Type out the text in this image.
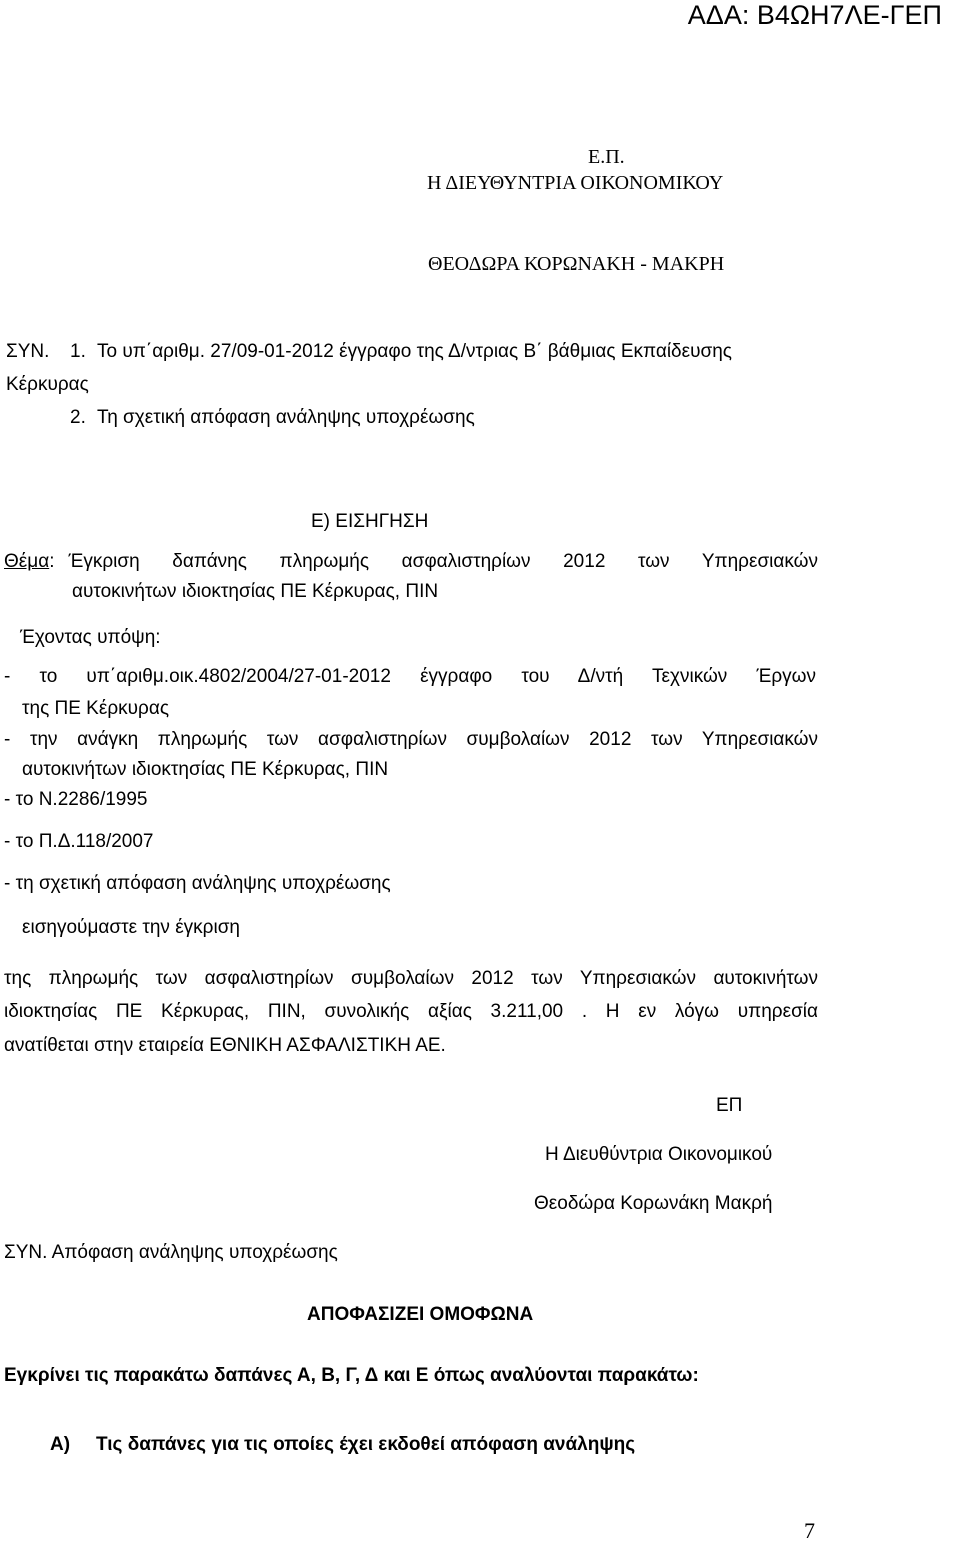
ΑΔΑ: Β4ΩΗ7ΛΕ-ΓΕΠ
Ε.Π.
Η ΔΙΕΥΘΥΝΤΡΙΑ ΟΙΚΟΝΟΜΙΚΟΥ
ΘΕΟΔΩΡΑ ΚΟΡΩΝΑΚΗ - ΜΑΚΡΗ
ΣΥΝ. 1. Το υπ΄αριθμ. 27/09-01-2012 έγγραφο της Δ/ντριας Β΄ βάθμιας Εκπαίδευσης
Κέρκυρας
2. Τη σχετική απόφαση ανάληψης υποχρέωσης
Ε) ΕΙΣΗΓΗΣΗ
Θέμα : Έγκριση δαπάνης πληρωμής ασφαλιστηρίων 2012 των Υπηρεσιακών
αυτοκινήτων ιδιοκτησίας ΠΕ Κέρκυρας, ΠΙΝ
Έχοντας υπόψη:
- το υπ΄αριθμ.οικ.4802/2004/27-01-2012 έγγραφο του Δ/ντή Τεχνικών Έργων
της ΠΕ Κέρκυρας
- την ανάγκη πληρωμής των ασφαλιστηρίων συμβολαίων 2012 των Υπηρεσιακών
αυτοκινήτων ιδιοκτησίας ΠΕ Κέρκυρας, ΠΙΝ
- το Ν.2286/1995
- το Π.Δ.118/2007
- τη σχετική απόφαση ανάληψης υποχρέωσης
εισηγούμαστε την έγκριση
της πληρωμής των ασφαλιστηρίων συμβολαίων 2012 των Υπηρεσιακών αυτοκινήτων
ιδιοκτησίας ΠΕ Κέρκυρας, ΠΙΝ, συνολικής αξίας 3.211,00 . Η εν λόγω υπηρεσία
ανατίθεται στην εταιρεία ΕΘΝΙΚΗ ΑΣΦΑΛΙΣΤΙΚΗ ΑΕ.
ΕΠ
Η Διευθύντρια Οικονομικού
Θεοδώρα Κορωνάκη Μακρή
ΣΥΝ. Απόφαση ανάληψης υποχρέωσης
ΑΠΟΦΑΣΙΖΕΙ ΟΜΟΦΩΝΑ
Εγκρίνει τις παρακάτω δαπάνες Α, Β, Γ, Δ και Ε όπως αναλύονται παρακάτω:
Α) Τις δαπάνες για τις οποίες έχει εκδοθεί απόφαση ανάληψης
7
